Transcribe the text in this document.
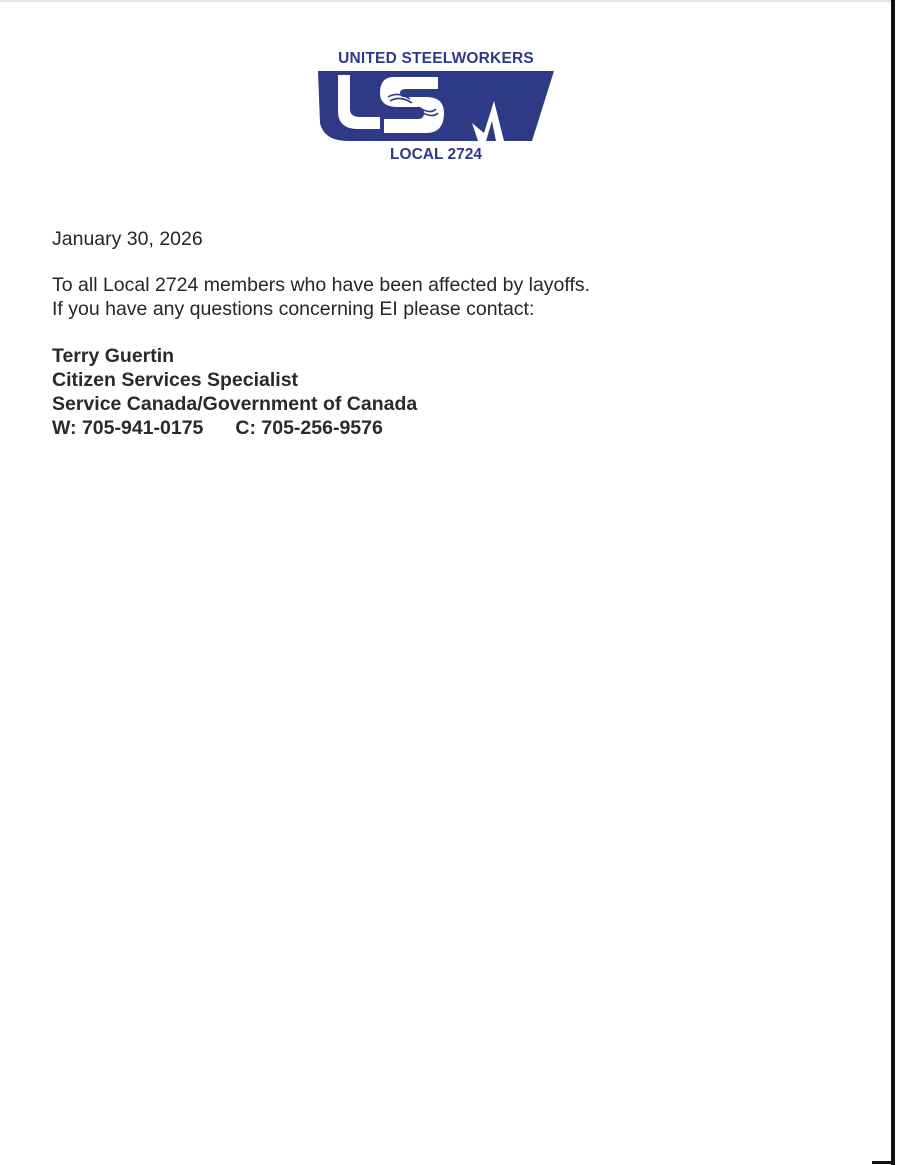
UNITED STEELWORKERS
LOCAL 2724
January 30, 2026
To all Local 2724 members who have been affected by layoffs.
If you have any questions concerning EI please contact:
Terry Guertin
Citizen Services Specialist
Service Canada/Government of Canada
W: 705-941-0175 C: 705-256-9576
